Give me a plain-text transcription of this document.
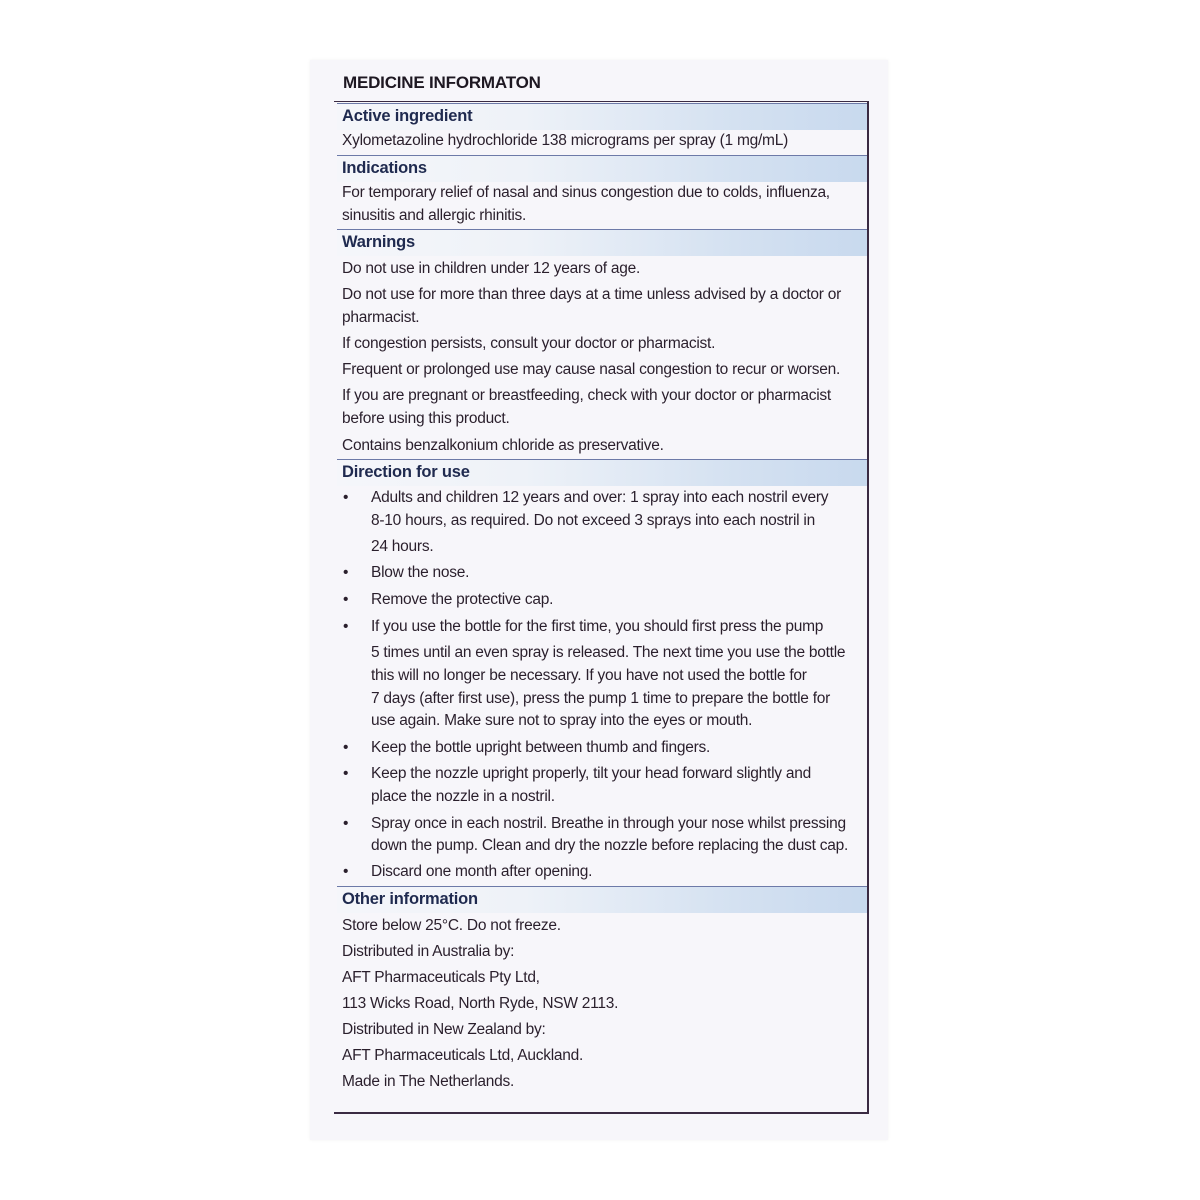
MEDICINE INFORMATON
Active ingredient
Xylometazoline hydrochloride 138 micrograms per spray (1 mg/mL)
Indications
For temporary relief of nasal and sinus congestion due to colds, influenza,
sinusitis and allergic rhinitis.
Warnings
Do not use in children under 12 years of age.
Do not use for more than three days at a time unless advised by a doctor or
pharmacist.
If congestion persists, consult your doctor or pharmacist.
Frequent or prolonged use may cause nasal congestion to recur or worsen.
If you are pregnant or breastfeeding, check with your doctor or pharmacist
before using this product.
Contains benzalkonium chloride as preservative.
Direction for use
• Adults and children 12 years and over: 1 spray into each nostril every
8-10 hours, as required. Do not exceed 3 sprays into each nostril in
24 hours.
• Blow the nose.
• Remove the protective cap.
• If you use the bottle for the first time, you should first press the pump
5 times until an even spray is released. The next time you use the bottle
this will no longer be necessary. If you have not used the bottle for
7 days (after first use), press the pump 1 time to prepare the bottle for
use again. Make sure not to spray into the eyes or mouth.
• Keep the bottle upright between thumb and fingers.
• Keep the nozzle upright properly, tilt your head forward slightly and
place the nozzle in a nostril.
• Spray once in each nostril. Breathe in through your nose whilst pressing
down the pump. Clean and dry the nozzle before replacing the dust cap.
• Discard one month after opening.
Other information
Store below 25°C. Do not freeze.
Distributed in Australia by:
AFT Pharmaceuticals Pty Ltd,
113 Wicks Road, North Ryde, NSW 2113.
Distributed in New Zealand by:
AFT Pharmaceuticals Ltd, Auckland.
Made in The Netherlands.
